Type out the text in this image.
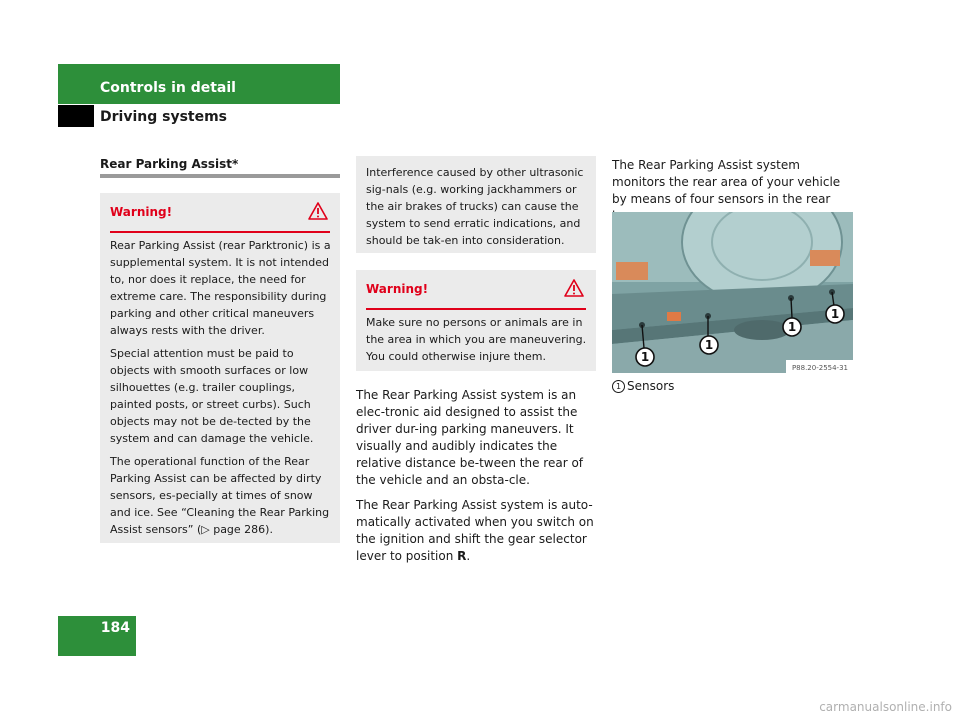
Controls in detail
Driving systems
Rear Parking Assist*
Warning!

Rear Parking Assist (rear Parktronic) is a supplemental system. It is not intended to, nor does it replace, the need for extreme care. The responsibility during parking and other critical maneuvers always rests with the driver.

Special attention must be paid to objects with smooth surfaces or low silhouettes (e.g. trailer couplings, painted posts, or street curbs). Such objects may not be de-tected by the system and can damage the vehicle.

The operational function of the Rear Parking Assist can be affected by dirty sensors, es-pecially at times of snow and ice. See “Cleaning the Rear Parking Assist sensors” (▷ page 286).

Interference caused by other ultrasonic sig-nals (e.g. working jackhammers or the air brakes of trucks) can cause the system to send erratic indications, and should be tak-en into consideration.
Warning!
Make sure no persons or animals are in the area in which you are maneuvering. You could otherwise injure them.

The Rear Parking Assist system is an elec-tronic aid designed to assist the driver dur-ing parking maneuvers. It visually and audibly indicates the relative distance be-tween the rear of the vehicle and an obsta-cle.

The Rear Parking Assist system is auto-matically activated when you switch on the ignition and shift the gear selector lever to position R.

The Rear Parking Assist system monitors the rear area of your vehicle by means of four sensors in the rear

1
1
1
1
P88.20-2554-31
1 Sensors
184
carmanualsonline.info
